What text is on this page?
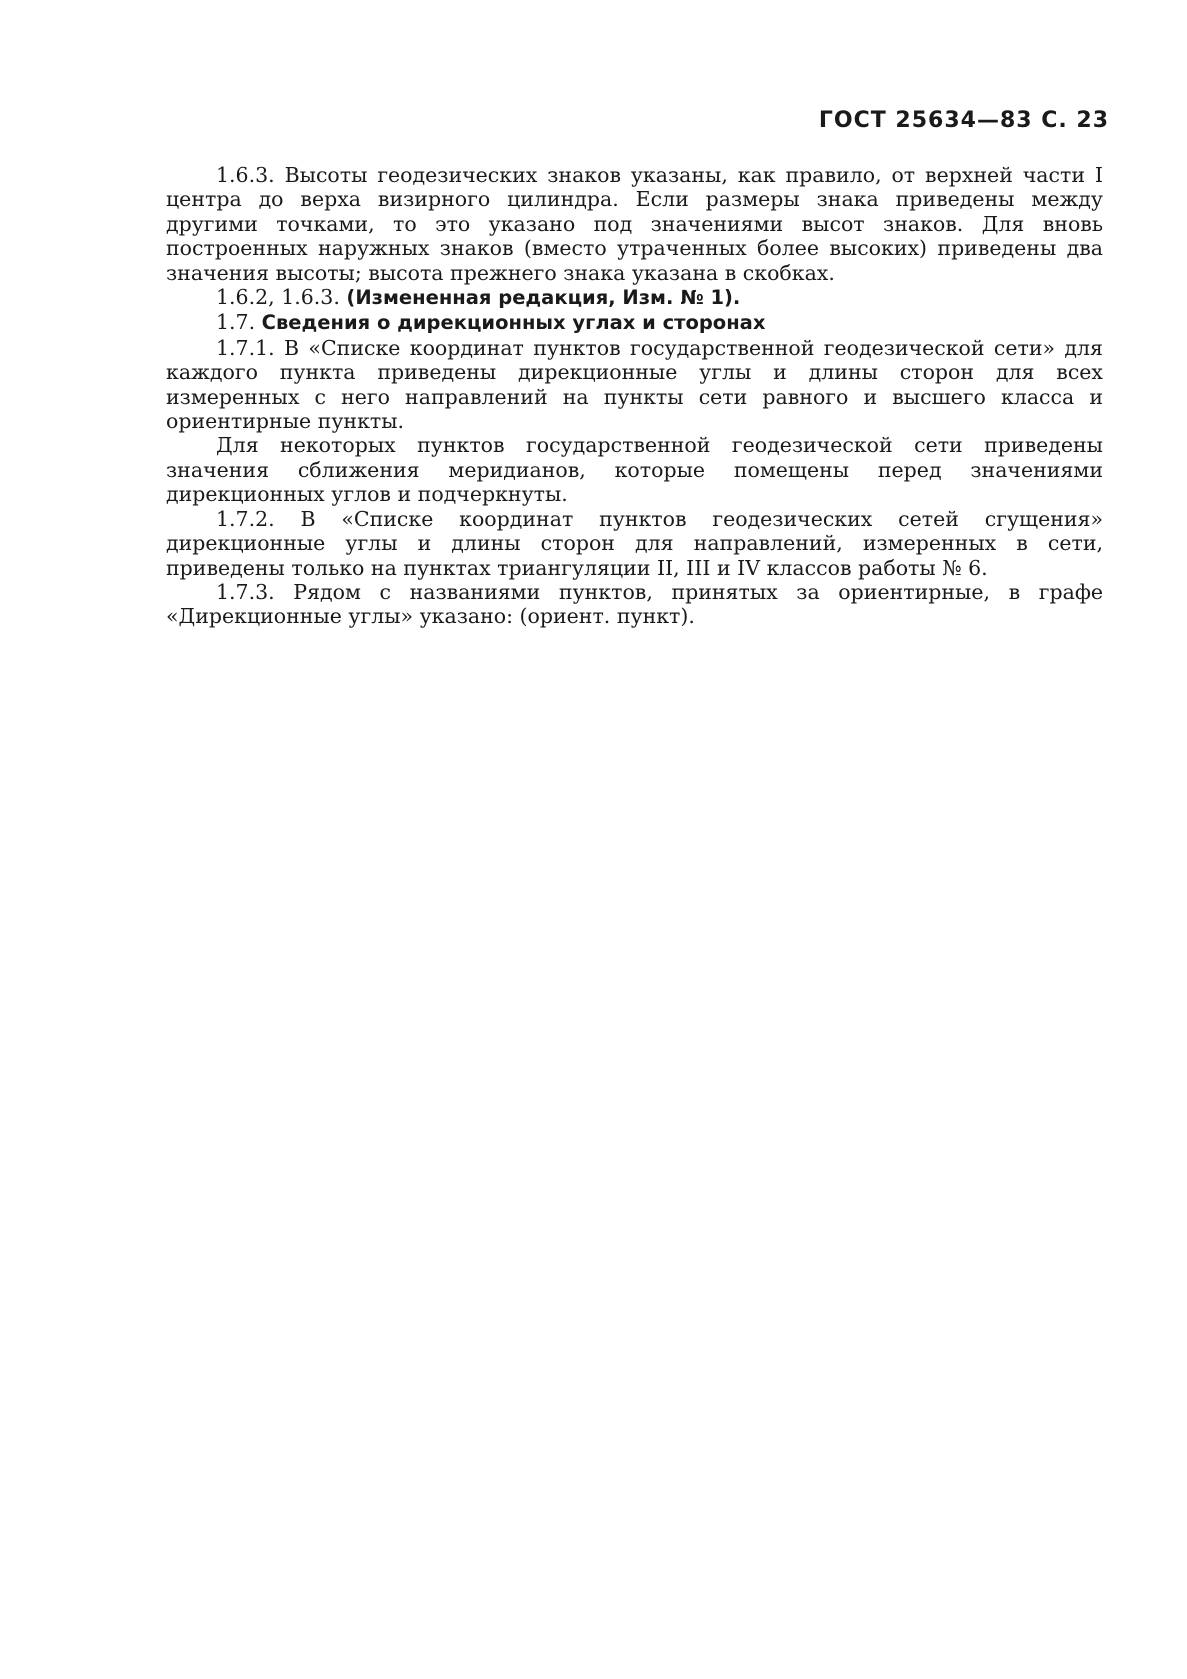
ГОСТ 25634—83 С. 23

1.6.3. Высоты геодезических знаков указаны, как правило, от верхней части I центра до верха визирного цилиндра. Если размеры знака приведены между другими точками, то это указано под значениями высот знаков. Для вновь построенных наружных знаков (вместо утраченных более высоких) приведены два значения высоты; высота прежнего знака указана в скобках.

1.6.2, 1.6.3. (Измененная редакция, Изм. № 1).

1.7. Сведения о дирекционных углах и сторонах

1.7.1. В «Списке координат пунктов государственной геодезической сети» для каждого пункта приведены дирекционные углы и длины сторон для всех измеренных с него направлений на пункты сети равного и высшего класса и ориентирные пункты.

Для некоторых пунктов государственной геодезической сети приведены значения сближения меридианов, которые помещены перед значениями дирекционных углов и подчеркнуты.

1.7.2. В «Списке координат пунктов геодезических сетей сгущения» дирекционные углы и длины сторон для направлений, измеренных в сети, приведены только на пунктах триангуляции II, III и IV классов работы № 6.

1.7.3. Рядом с названиями пунктов, принятых за ориентирные, в графе «Дирекционные углы» указано: (ориент. пункт).
